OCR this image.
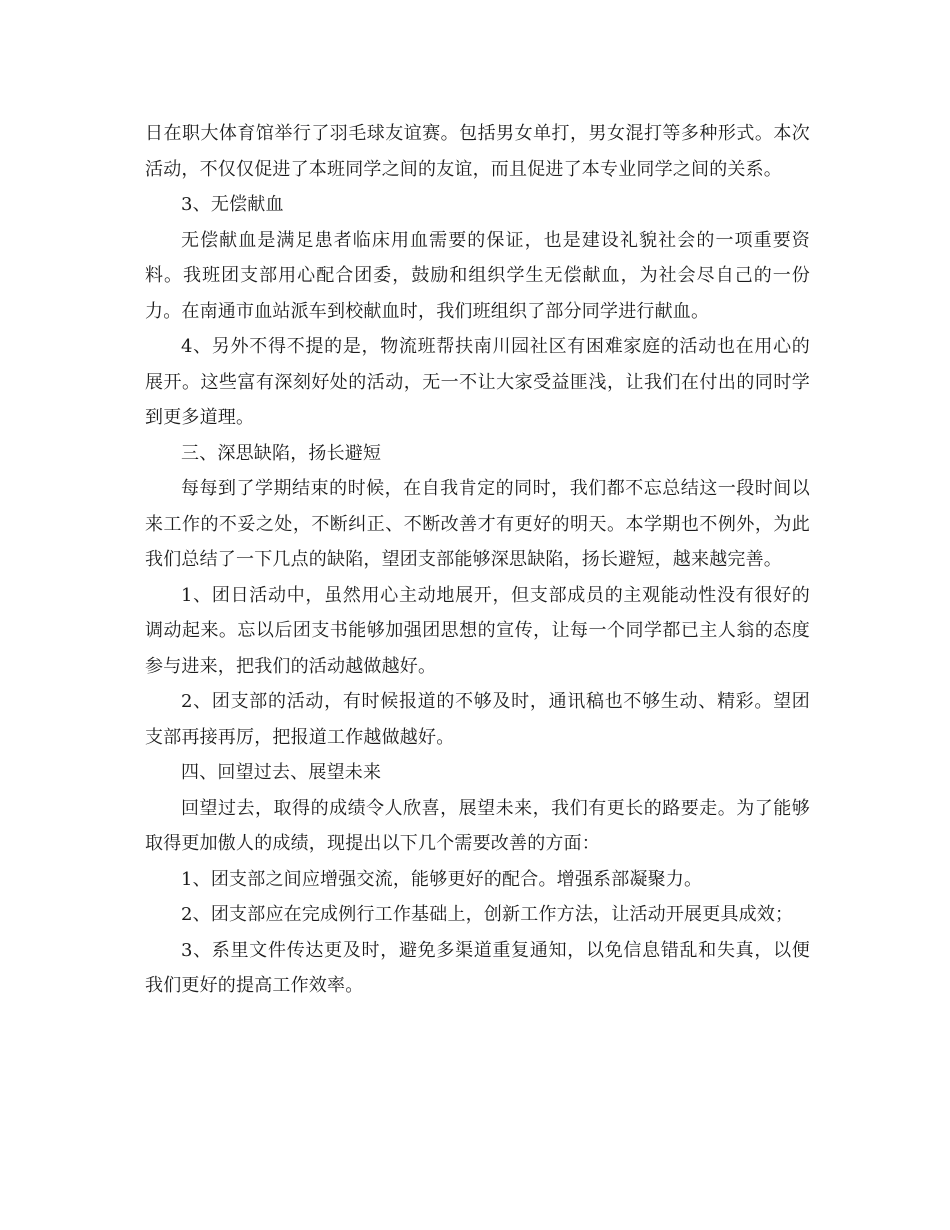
日在职大体育馆举行了羽毛球友谊赛。包括男女单打，男女混打等多种形式。本次活动，不仅仅促进了本班同学之间的友谊，而且促进了本专业同学之间的关系。

3、无偿献血

无偿献血是满足患者临床用血需要的保证，也是建设礼貌社会的一项重要资料。我班团支部用心配合团委，鼓励和组织学生无偿献血，为社会尽自己的一份力。在南通市血站派车到校献血时，我们班组织了部分同学进行献血。

4、另外不得不提的是，物流班帮扶南川园社区有困难家庭的活动也在用心的展开。这些富有深刻好处的活动，无一不让大家受益匪浅，让我们在付出的同时学到更多道理。

三、深思缺陷，扬长避短

每每到了学期结束的时候，在自我肯定的同时，我们都不忘总结这一段时间以来工作的不妥之处，不断纠正、不断改善才有更好的明天。本学期也不例外，为此我们总结了一下几点的缺陷，望团支部能够深思缺陷，扬长避短，越来越完善。

1、团日活动中，虽然用心主动地展开，但支部成员的主观能动性没有很好的调动起来。忘以后团支书能够加强团思想的宣传，让每一个同学都已主人翁的态度参与进来，把我们的活动越做越好。

2、团支部的活动，有时候报道的不够及时，通讯稿也不够生动、精彩。望团支部再接再厉，把报道工作越做越好。

四、回望过去、展望未来

回望过去，取得的成绩令人欣喜，展望未来，我们有更长的路要走。为了能够取得更加傲人的成绩，现提出以下几个需要改善的方面：

1、团支部之间应增强交流，能够更好的配合。增强系部凝聚力。

2、团支部应在完成例行工作基础上，创新工作方法，让活动开展更具成效；

3、系里文件传达更及时，避免多渠道重复通知，以免信息错乱和失真，以便我们更好的提高工作效率。
